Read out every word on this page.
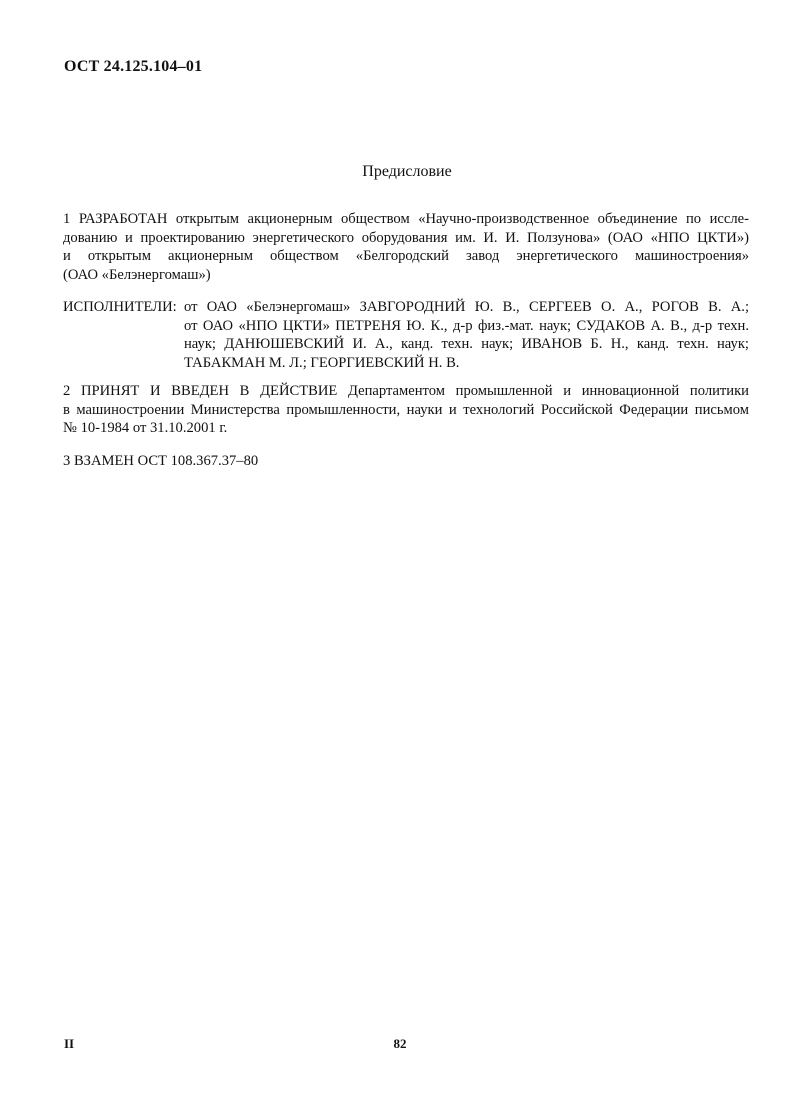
ОСТ 24.125.104–01
Предисловие
1 РАЗРАБОТАН открытым акционерным обществом «Научно-производственное объединение по иссле-
дованию и проектированию энергетического оборудования им. И. И. Ползунова» (ОАО «НПО ЦКТИ»)
и открытым акционерным обществом «Белгородский завод энергетического машиностроения»
(ОАО «Белэнергомаш»)
ИСПОЛНИТЕЛИ: от ОАО «Белэнергомаш» ЗАВГОРОДНИЙ Ю. В., СЕРГЕЕВ О. А., РОГОВ В. А.;
от ОАО «НПО ЦКТИ» ПЕТРЕНЯ Ю. К., д-р физ.-мат. наук; СУДАКОВ А. В., д-р техн.
наук; ДАНЮШЕВСКИЙ И. А., канд. техн. наук; ИВАНОВ Б. Н., канд. техн. наук;
ТАБАКМАН М. Л.; ГЕОРГИЕВСКИЙ Н. В.
2 ПРИНЯТ И ВВЕДЕН В ДЕЙСТВИЕ Департаментом промышленной и инновационной политики
в машиностроении Министерства промышленности, науки и технологий Российской Федерации письмом
№ 10-1984 от 31.10.2001 г.
3 ВЗАМЕН ОСТ 108.367.37–80
II	82
